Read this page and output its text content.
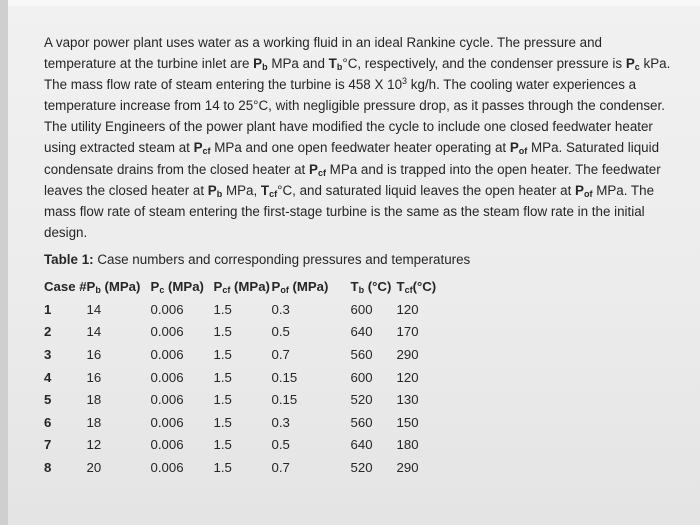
A vapor power plant uses water as a working fluid in an ideal Rankine cycle. The pressure and temperature at the turbine inlet are $P_b$ MPa and $T_b^\circ C$, respectively, and the condenser pressure is $P_c$ kPa. The mass flow rate of steam entering the turbine is 458 X $10^3$ kg/h. The cooling water experiences a temperature increase from 14 to 25°C, with negligible pressure drop, as it passes through the condenser. The utility Engineers of the power plant have modified the cycle to include one closed feedwater heater using extracted steam at $P_{cf}$ MPa and one open feedwater heater operating at $P_{of}$ MPa. Saturated liquid condensate drains from the closed heater at $P_{cf}$ MPa and is trapped into the open heater. The feedwater leaves the closed heater at $P_b$ MPa, $T_{cf}^\circ C$, and saturated liquid leaves the open heater at $P_{of}$ MPa. The mass flow rate of steam entering the first-stage turbine is the same as the steam flow rate in the initial design.

Table 1: Case numbers and corresponding pressures and temperatures
Case #	$P_b$ (MPa)	$P_c$ (MPa)	$P_{cf}$ (MPa)	$P_{of}$ (MPa)	$T_b$ (°C)	$T_{cf}(^\circ C)$
1	14	0.006	1.5	0.3	600	120
2	14	0.006	1.5	0.5	640	170
3	16	0.006	1.5	0.7	560	290
4	16	0.006	1.5	0.15	600	120
5	18	0.006	1.5	0.15	520	130
6	18	0.006	1.5	0.3	560	150
7	12	0.006	1.5	0.5	640	180
8	20	0.006	1.5	0.7	520	290
